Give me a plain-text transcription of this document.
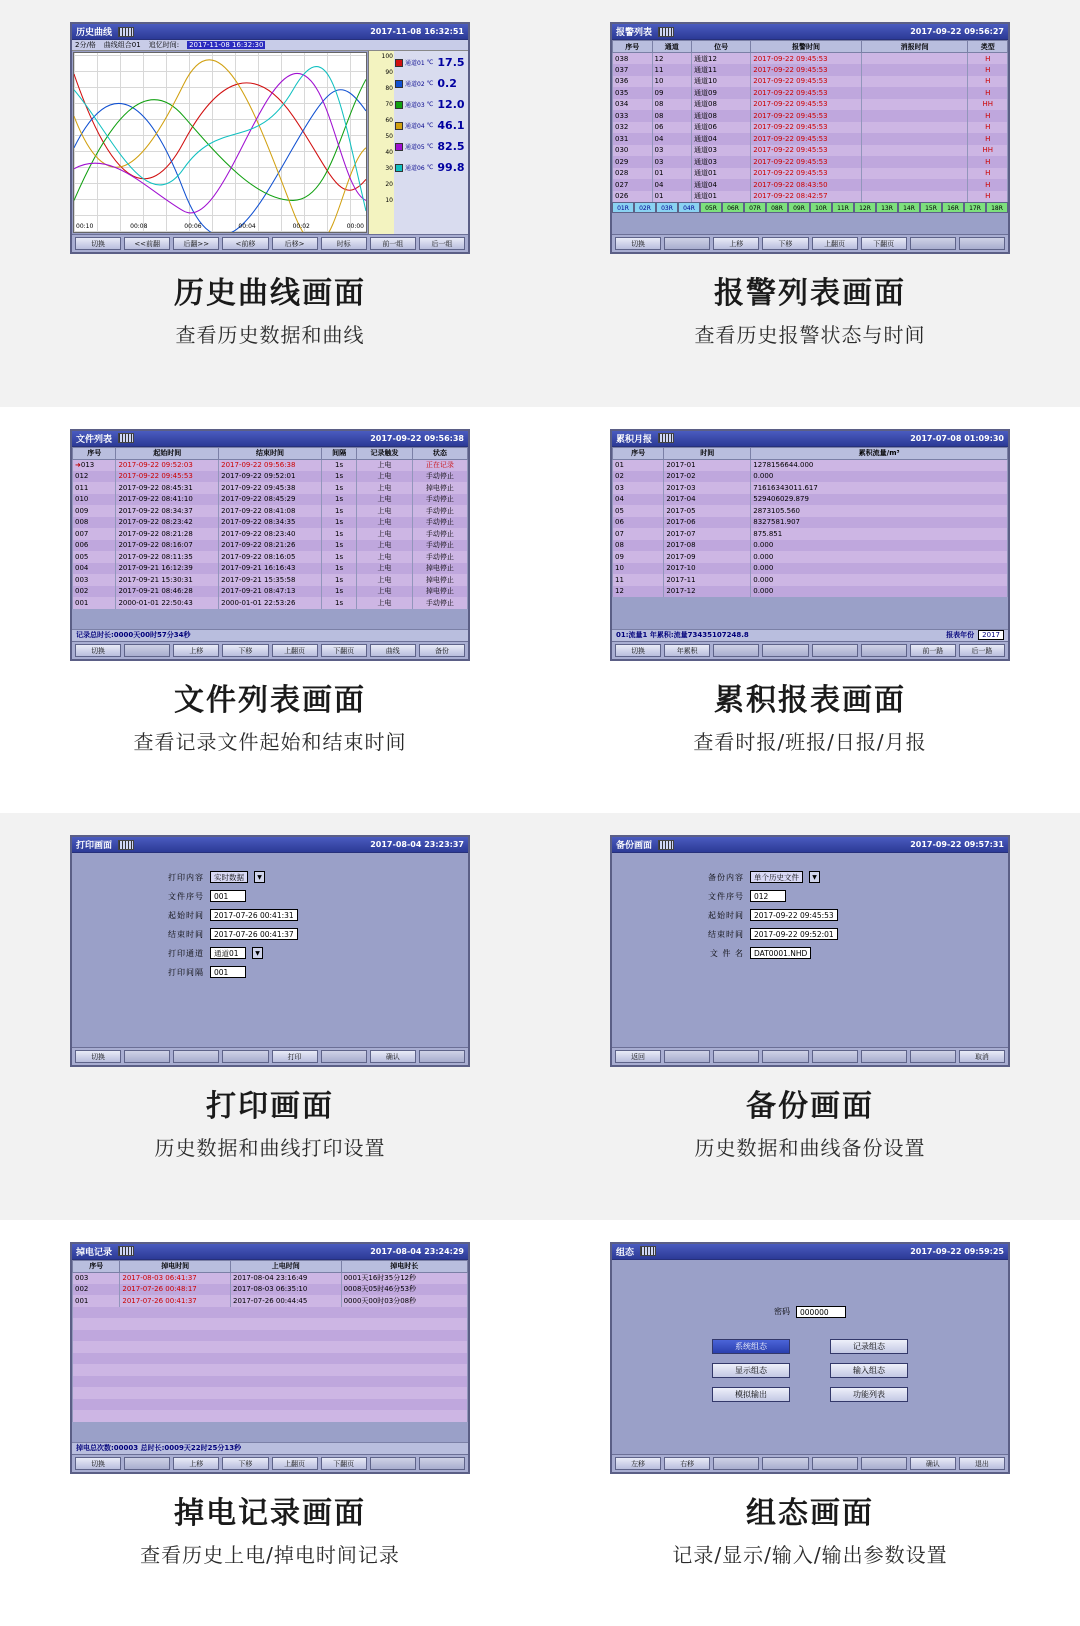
历史曲线	2017-11-08 16:32:51
2分/格 曲线组合01 追忆时间: 2017-11-08 16:32:30
00:10	00:08	00:06	00:04	00:02	00:00
100
90
80
70
60
50
40
30
20
10
通道01 ℃ 17.5
通道02 ℃ 0.2
通道03 ℃ 12.0
通道04 ℃ 46.1
通道05 ℃ 82.5
通道06 ℃ 99.8
切换	<<前翻	后翻>>	<前移	后移>	时标	前一组	后一组
历史曲线画面
查看历史数据和曲线
报警列表	2017-09-22 09:56:27
序号	通道	位号	报警时间	消报时间	类型
038	12	通道12	2017-09-22 09:45:53		H
037	11	通道11	2017-09-22 09:45:53		H
036	10	通道10	2017-09-22 09:45:53		H
035	09	通道09	2017-09-22 09:45:53		H
034	08	通道08	2017-09-22 09:45:53		HH
033	08	通道08	2017-09-22 09:45:53		H
032	06	通道06	2017-09-22 09:45:53		H
031	04	通道04	2017-09-22 09:45:53		H
030	03	通道03	2017-09-22 09:45:53		HH
029	03	通道03	2017-09-22 09:45:53		H
028	01	通道01	2017-09-22 09:45:53		H
027	04	通道04	2017-09-22 08:43:50		H
026	01	通道01	2017-09-22 08:42:57		H
01R	02R	03R	04R	05R	06R	07R	08R	09R	10R	11R	12R	13R	14R	15R	16R	17R	18R
切换	上移	下移	上翻页	下翻页
报警列表画面
查看历史报警状态与时间
文件列表	2017-09-22 09:56:38
序号	起始时间	结束时间	间隔	记录触发	状态
➜013	2017-09-22 09:52:03	2017-09-22 09:56:38	1s	上电	正在记录
012	2017-09-22 09:45:53	2017-09-22 09:52:01	1s	上电	手动停止
011	2017-09-22 08:45:31	2017-09-22 09:45:38	1s	上电	掉电停止
010	2017-09-22 08:41:10	2017-09-22 08:45:29	1s	上电	手动停止
009	2017-09-22 08:34:37	2017-09-22 08:41:08	1s	上电	手动停止
008	2017-09-22 08:23:42	2017-09-22 08:34:35	1s	上电	手动停止
007	2017-09-22 08:21:28	2017-09-22 08:23:40	1s	上电	手动停止
006	2017-09-22 08:16:07	2017-09-22 08:21:26	1s	上电	手动停止
005	2017-09-22 08:11:35	2017-09-22 08:16:05	1s	上电	手动停止
004	2017-09-21 16:12:39	2017-09-21 16:16:43	1s	上电	掉电停止
003	2017-09-21 15:30:31	2017-09-21 15:35:58	1s	上电	掉电停止
002	2017-09-21 08:46:28	2017-09-21 08:47:13	1s	上电	掉电停止
001	2000-01-01 22:50:43	2000-01-01 22:53:26	1s	上电	手动停止
记录总时长:0000天00时57分34秒
切换	上移	下移	上翻页	下翻页	曲线	备份
文件列表画面
查看记录文件起始和结束时间
累积月报	2017-07-08 01:09:30
序号	时间	累积流量/m³
01	2017-01	1278156644.000
02	2017-02	0.000
03	2017-03	71616343011.617
04	2017-04	529406029.879
05	2017-05	2873105.560
06	2017-06	8327581.907
07	2017-07	875.851
08	2017-08	0.000
09	2017-09	0.000
10	2017-10	0.000
11	2017-11	0.000
12	2017-12	0.000
01:流量1 年累积:流量73435107248.8	报表年份	2017
切换	年累积	前一路	后一路
累积报表画面
查看时报/班报/日报/月报
打印画面	2017-08-04 23:23:37
打印内容	实时数据	▼
文件序号	001
起始时间	2017-07-26 00:41:31
结束时间	2017-07-26 00:41:37
打印通道	通道01	▼
打印间隔	001
切换	打印	确认
打印画面
历史数据和曲线打印设置
备份画面	2017-09-22 09:57:31
备份内容	单个历史文件	▼
文件序号	012
起始时间	2017-09-22 09:45:53
结束时间	2017-09-22 09:52:01
文 件 名	DAT0001.NHD
返回	取消
备份画面
历史数据和曲线备份设置
掉电记录	2017-08-04 23:24:29
序号	掉电时间	上电时间	掉电时长
003	2017-08-03 06:41:37	2017-08-04 23:16:49	0001天16时35分12秒
002	2017-07-26 00:48:17	2017-08-03 06:35:10	0008天05时46分53秒
001	2017-07-26 00:41:37	2017-07-26 00:44:45	0000天00时03分08秒

掉电总次数:00003 总时长:0009天22时25分13秒
切换	上移	下移	上翻页	下翻页
掉电记录画面
查看历史上电/掉电时间记录
组态	2017-09-22 09:59:25
密码	000000
系统组态	记录组态
显示组态	输入组态
模拟输出	功能列表
左移	右移	确认	退出
组态画面
记录/显示/输入/输出参数设置
